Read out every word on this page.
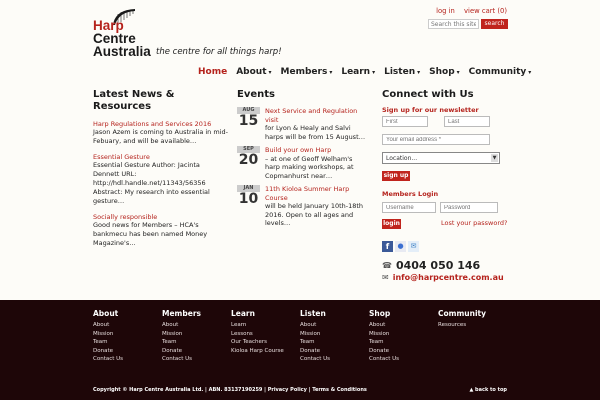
Harp
Centre
Australia the centre for all things harp!
log in view cart (0)
Search this site..
search
Home About ▾ Members ▾ Learn ▾ Listen ▾ Shop ▾ Community ▾
Latest News & Resources
Harp Regulations and Services 2016
Jason Azem is coming to Australia in mid-Febuary, and will be available…
Essential Gesture
Essential Gesture Author: Jacinta Dennett URL: http://hdl.handle.net/11343/56356 Abstract: My research into essential gesture…
Socially responsible
Good news for Members – HCA's bankmecu has been named Money Magazine's…
Events
AUG
15
Next Service and Regulation visit
for Lyon & Healy and Salvi harps will be from 15 August…
SEP
20
Build your own Harp
– at one of Geoff Welham's harp making workshops, at Copmanhurst near…
JAN
10
11th Kioloa Summer Harp Course
will be held January 10th-18th 2016. Open to all ages and levels…
Connect with Us
Sign up for our newsletter
First
Last
Your email address *
Location...	▼
sign up
Members Login
Username
Password
login	Lost your password?
f ● ✉
☎ 0404 050 146
✉ info@harpcentre.com.au
About
About
Mission
Team
Donate
Contact Us
Members
About
Mission
Team
Donate
Contact Us
Learn
Learn
Lessons
Our Teachers
Kioloa Harp Course
Listen
About
Mission
Team
Donate
Contact Us
Shop
About
Mission
Team
Donate
Contact Us
Community
Resources
Copyright © Harp Centre Australia Ltd. | ABN. 83137190259 | Privacy Policy | Terms & Conditions	▲ back to top
